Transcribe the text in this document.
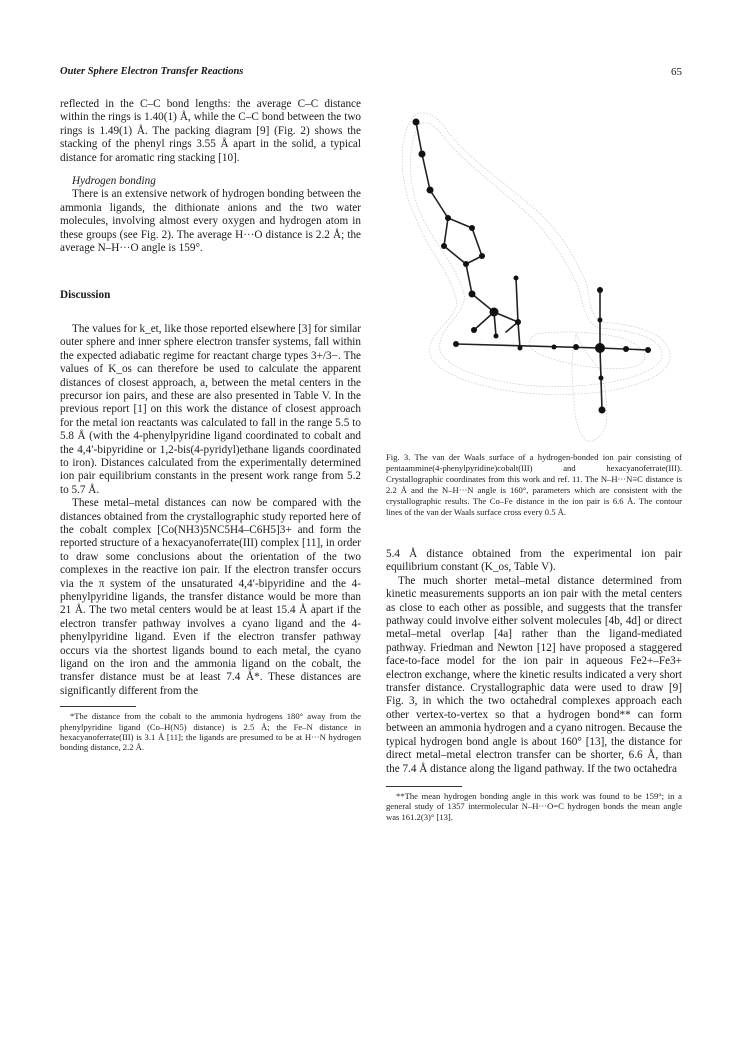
Outer Sphere Electron Transfer Reactions	65

reflected in the C–C bond lengths: the average C–C distance within the rings is 1.40(1) Å, while the C–C bond between the two rings is 1.49(1) Å. The packing diagram [9] (Fig. 2) shows the stacking of the phenyl rings 3.55 Å apart in the solid, a typical distance for aromatic ring stacking [10].

Hydrogen bonding

There is an extensive network of hydrogen bonding between the ammonia ligands, the dithionate anions and the two water molecules, involving almost every oxygen and hydrogen atom in these groups (see Fig. 2). The average H···O distance is 2.2 Å; the average N–H···O angle is 159°.

Discussion

The values for k_et, like those reported elsewhere [3] for similar outer sphere and inner sphere electron transfer systems, fall within the expected adiabatic regime for reactant charge types 3+/3−. The values of K_os can therefore be used to calculate the apparent distances of closest approach, a, between the metal centers in the precursor ion pairs, and these are also presented in Table V. In the previous report [1] on this work the distance of closest approach for the metal ion reactants was calculated to fall in the range 5.5 to 5.8 Å (with the 4-phenylpyridine ligand coordinated to cobalt and the 4,4′-bipyridine or 1,2-bis(4-pyridyl)ethane ligands coordinated to iron). Distances calculated from the experimentally determined ion pair equilibrium constants in the present work range from 5.2 to 5.7 Å.

These metal–metal distances can now be compared with the distances obtained from the crystallographic study reported here of the cobalt complex [Co(NH3)5NC5H4–C6H5]3+ and form the reported structure of a hexacyanoferrate(III) complex [11], in order to draw some conclusions about the orientation of the two complexes in the reactive ion pair. If the electron transfer occurs via the π system of the unsaturated 4,4′-bipyridine and the 4-phenylpyridine ligands, the transfer distance would be more than 21 Å. The two metal centers would be at least 15.4 Å apart if the electron transfer pathway involves a cyano ligand and the 4-phenylpyridine ligand. Even if the electron transfer pathway occurs via the shortest ligands bound to each metal, the cyano ligand on the iron and the ammonia ligand on the cobalt, the transfer distance must be at least 7.4 Å*. These distances are significantly different from the

*The distance from the cobalt to the ammonia hydrogens 180° away from the phenylpyridine ligand (Co–H(N5) distance) is 2.5 Å; the Fe–N distance in hexacyanoferrate(III) is 3.1 Å [11]; the ligands are presumed to be at H···N hydrogen bonding distance, 2.2 Å.

Fig. 3. The van der Waals surface of a hydrogen-bonded ion pair consisting of pentaammine(4-phenylpyridine)cobalt(III) and hexacyanoferrate(III). Crystallographic coordinates from this work and ref. 11. The N–H···N≡C distance is 2.2 Å and the N–H···N angle is 160°, parameters which are consistent with the crystallographic results. The Co–Fe distance in the ion pair is 6.6 Å. The contour lines of the van der Waals surface cross every 0.5 Å.

5.4 Å distance obtained from the experimental ion pair equilibrium constant (K_os, Table V).

The much shorter metal–metal distance determined from kinetic measurements supports an ion pair with the metal centers as close to each other as possible, and suggests that the transfer pathway could involve either solvent molecules [4b, 4d] or direct metal–metal overlap [4a] rather than the ligand-mediated pathway. Friedman and Newton [12] have proposed a staggered face-to-face model for the ion pair in aqueous Fe2+–Fe3+ electron exchange, where the kinetic results indicated a very short transfer distance. Crystallographic data were used to draw [9] Fig. 3, in which the two octahedral complexes approach each other vertex-to-vertex so that a hydrogen bond** can form between an ammonia hydrogen and a cyano nitrogen. Because the typical hydrogen bond angle is about 160° [13], the distance for direct metal–metal electron transfer can be shorter, 6.6 Å, than the 7.4 Å distance along the ligand pathway. If the two octahedra

**The mean hydrogen bonding angle in this work was found to be 159°; in a general study of 1357 intermolecular N–H···O=C hydrogen bonds the mean angle was 161.2(3)° [13].
